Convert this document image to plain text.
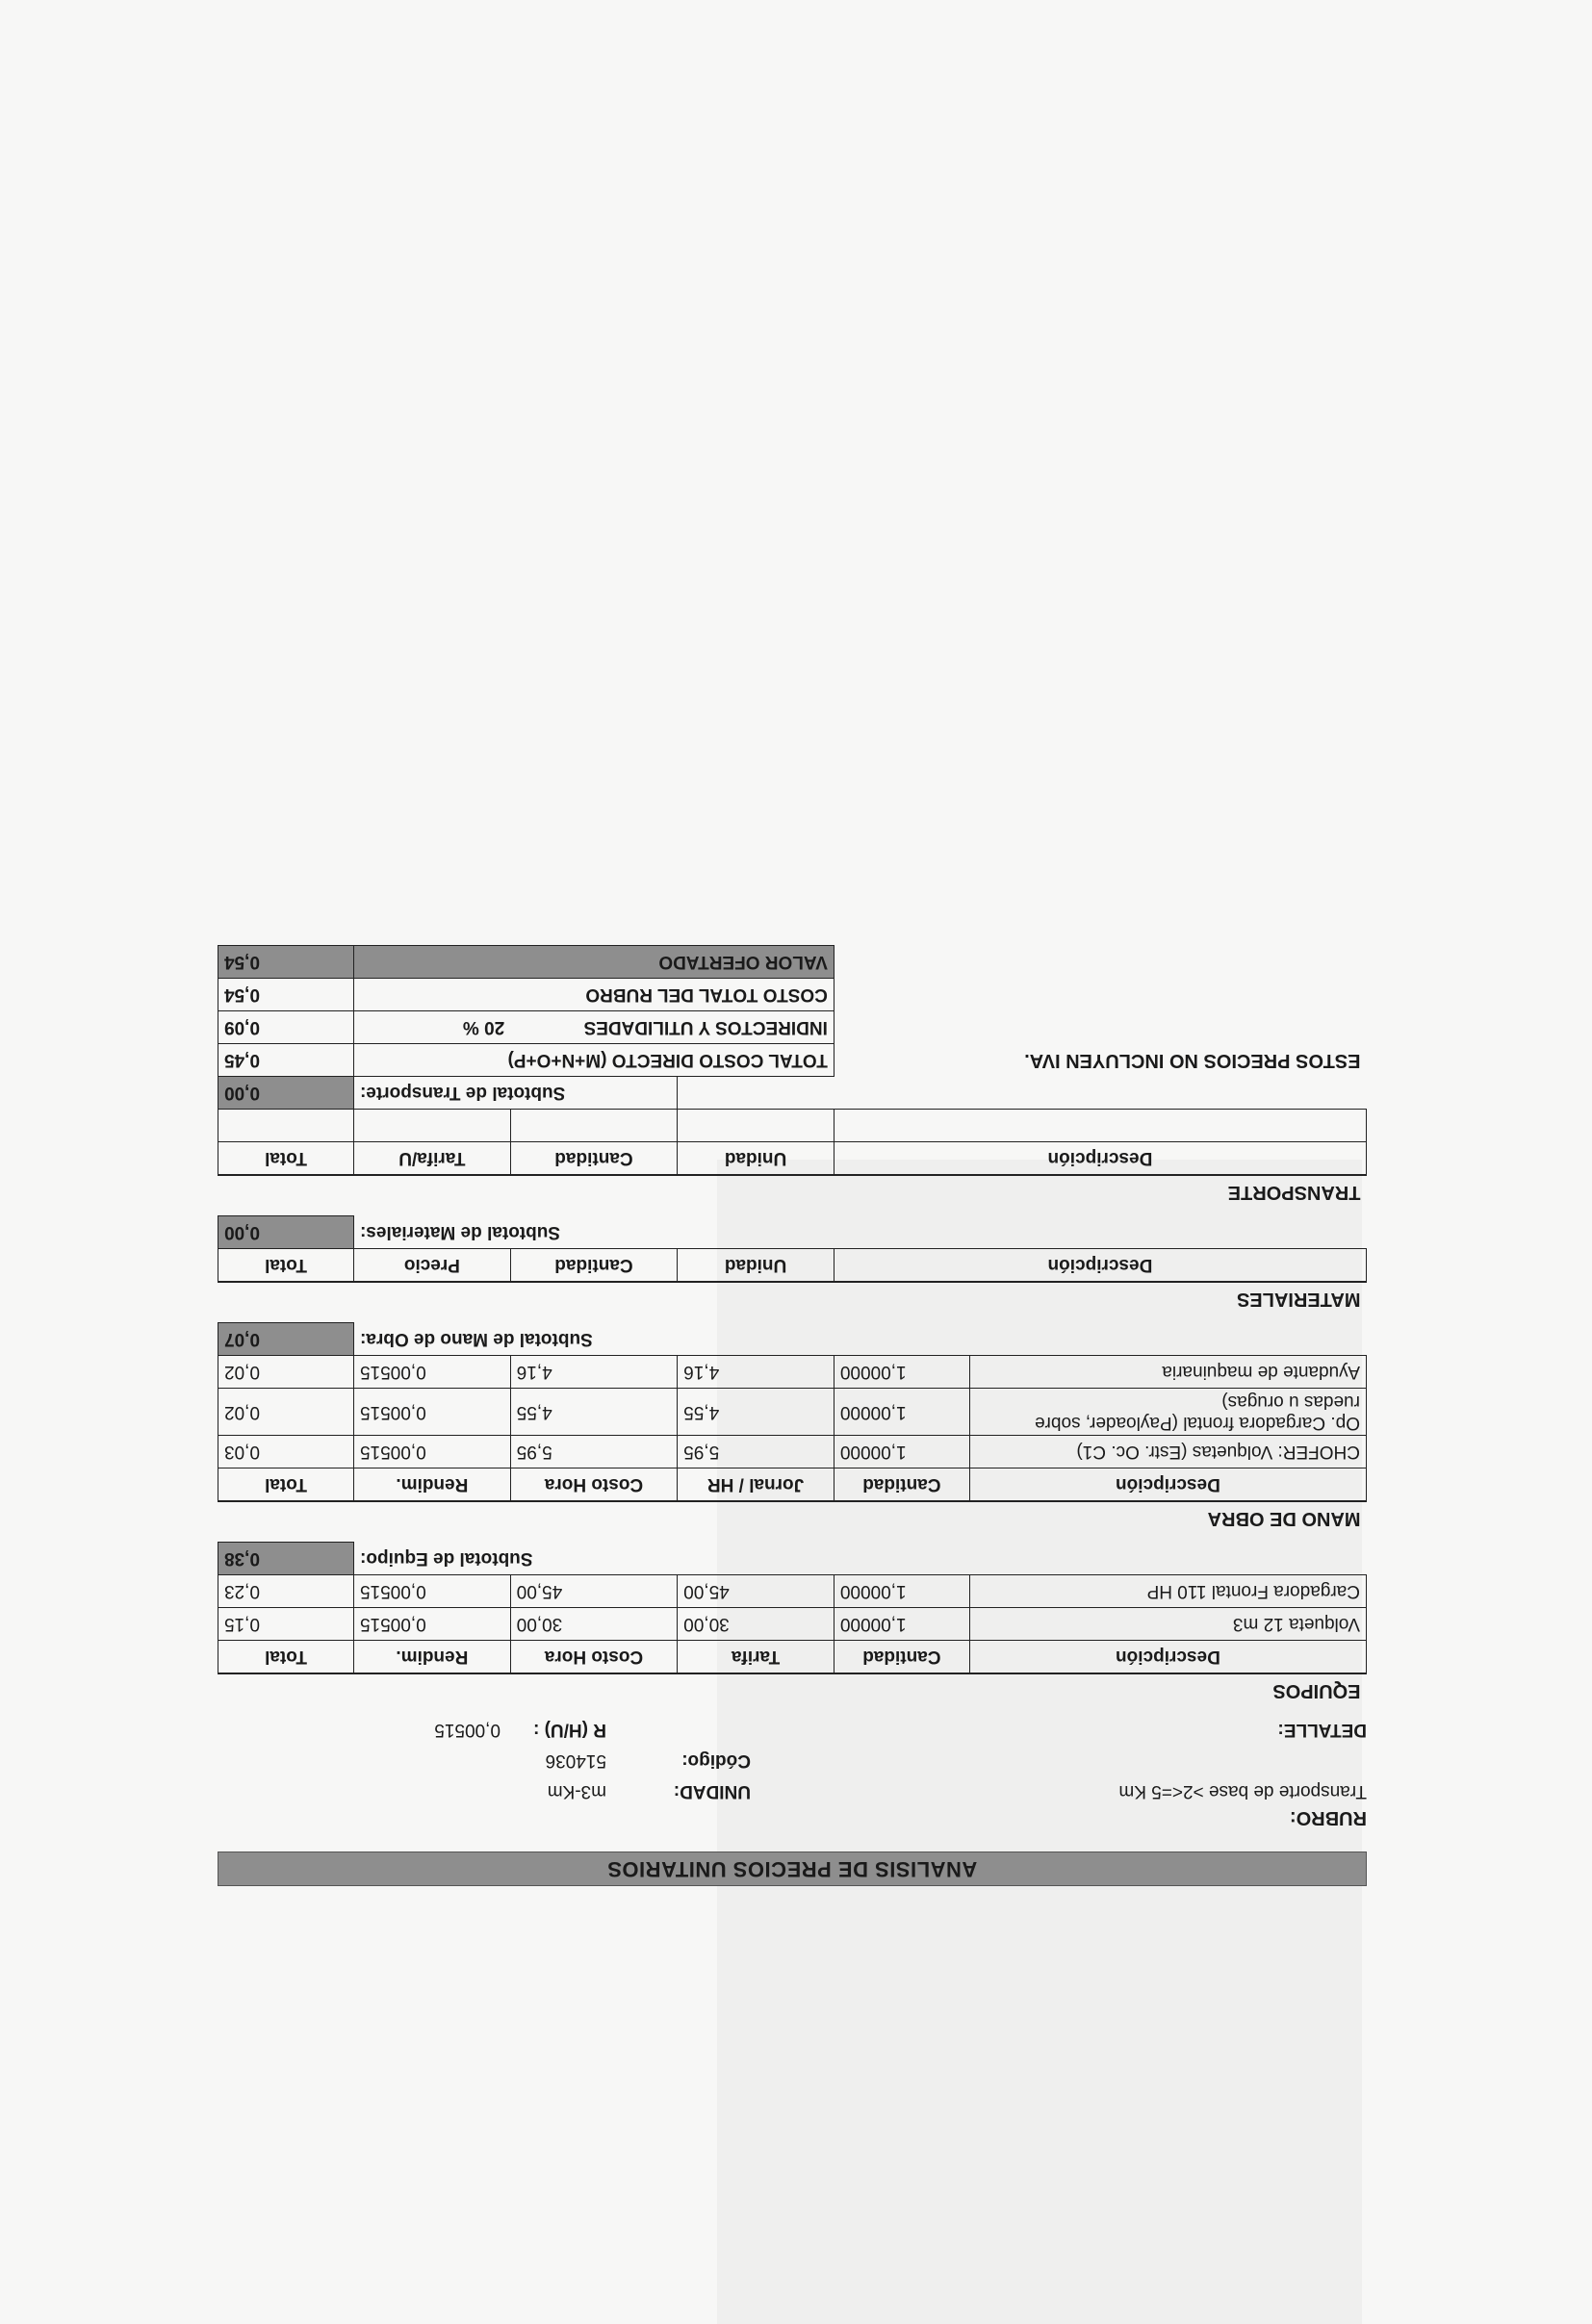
ANALISIS DE PRECIOS UNITARIOS
RUBRO:
Transporte de base >2<=5 Km
UNIDAD:
m3-Km
Código:
514036
DETALLE:
R (H/U) :
0,00515
EQUIPOS					
Descripción	Cantidad	Tarifa	Costo Hora	Rendim.	Total
Volqueta 12 m3	1,00000	30,00	30,00	0,00515	0,15
Cargadora Frontal 110 HP	1,00000	45,00	45,00	0,00515	0,23
Subtotal de Equipo:					0,38
MANO DE OBRA					
Descripción	Cantidad	Jornal / HR	Costo Hora	Rendim.	Total
CHOFER: Volquetas (Estr. Oc. C1)	1,00000	5,95	5,95	0,00515	0,03
Op. Cargadora frontal (Payloader, sobre ruedas u orugas)	1,00000	4,55	4,55	0,00515	0,02
Ayudante de maquinaria	1,00000	4,16	4,16	0,00515	0,02
Subtotal de Mano de Obra:					0,07
MATERIALES					
Descripción		Unidad	Cantidad	Precio	Total
Subtotal de Materiales:					0,00
TRANSPORTE					
Descripción		Unidad	Cantidad	Tarifa/U	Total

			Subtotal de Transporte:		0,00
ESTOS PRECIOS NO INCLUYEN IVA.		TOTAL COSTO DIRECTO (M+N+O+P)			0,45
		INDIRECTOS Y UTILIDADES		20 %	0,09
		COSTO TOTAL DEL RUBRO			0,54
		VALOR OFERTADO			0,54
